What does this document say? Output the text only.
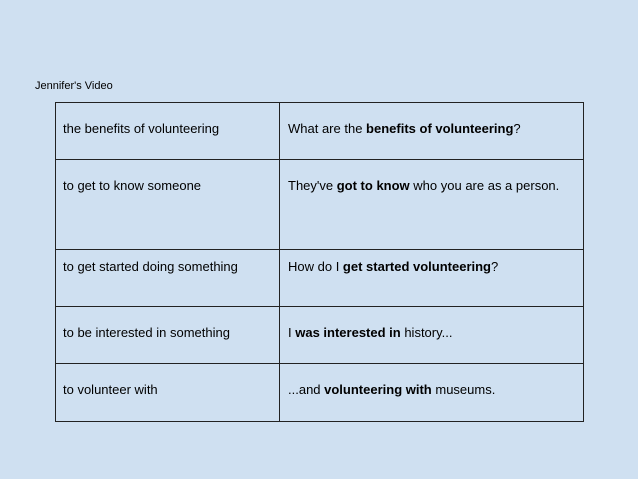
Jennifer's Video
the benefits of volunteering	What are the benefits of volunteering?
to get to know someone	They've got to know who you are as a person.
to get started doing something	How do I get started volunteering?
to be interested in something	I was interested in history...
to volunteer with	...and volunteering with museums.
